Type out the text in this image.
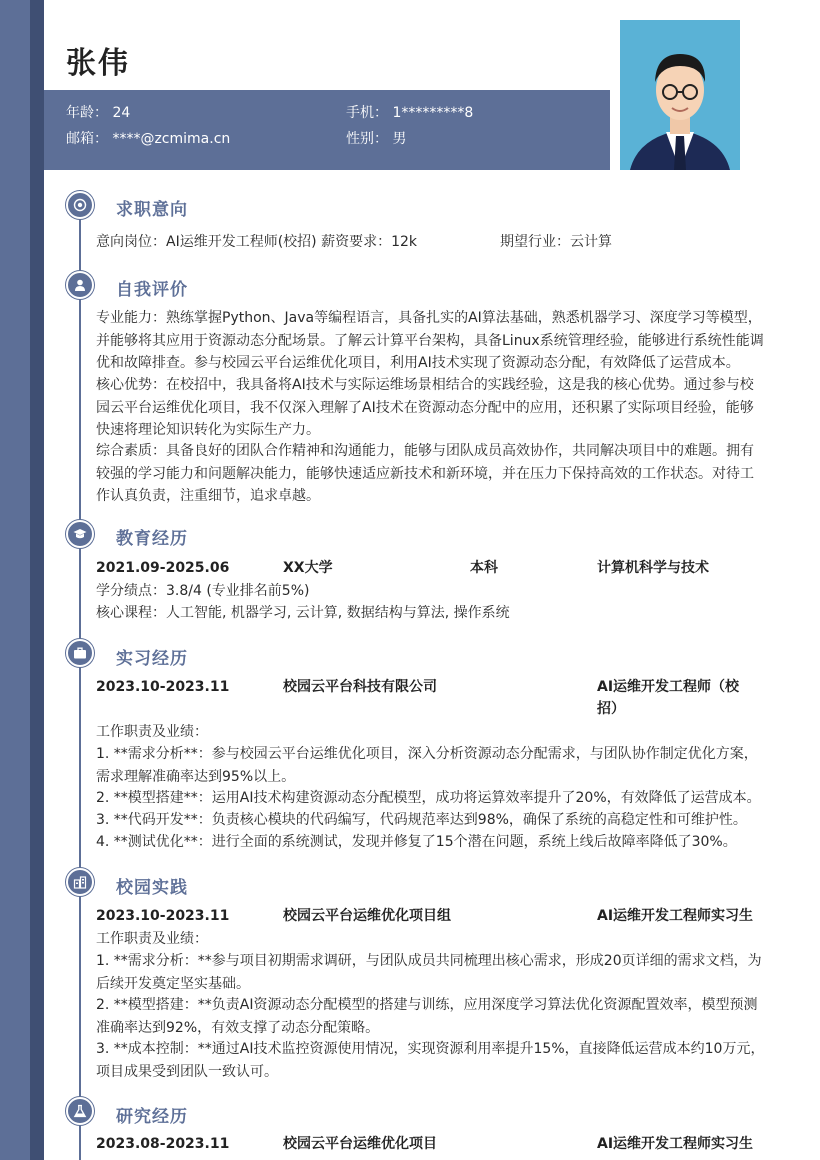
张伟
年龄： 24	手机： 1*********8
邮箱： ****@zcmima.cn	性别： 男
求职意向
意向岗位：AI运维开发工程师(校招) 薪资要求：12k	期望行业：云计算
自我评价
专业能力：熟练掌握Python、Java等编程语言，具备扎实的AI算法基础，熟悉机器学习、深度学习等模型，并能够将其应用于资源动态分配场景。了解云计算平台架构，具备Linux系统管理经验，能够进行系统性能调优和故障排查。参与校园云平台运维优化项目，利用AI技术实现了资源动态分配，有效降低了运营成本。
核心优势：在校招中，我具备将AI技术与实际运维场景相结合的实践经验，这是我的核心优势。通过参与校园云平台运维优化项目，我不仅深入理解了AI技术在资源动态分配中的应用，还积累了实际项目经验，能够快速将理论知识转化为实际生产力。
综合素质：具备良好的团队合作精神和沟通能力，能够与团队成员高效协作，共同解决项目中的难题。拥有较强的学习能力和问题解决能力，能够快速适应新技术和新环境，并在压力下保持高效的工作状态。对待工作认真负责，注重细节，追求卓越。
教育经历
2021.09-2025.06	XX大学	本科	计算机科学与技术
学分绩点：3.8/4 (专业排名前5%)
核心课程：人工智能, 机器学习, 云计算, 数据结构与算法, 操作系统
实习经历
2023.10-2023.11	校园云平台科技有限公司	AI运维开发工程师（校
招）
工作职责及业绩：
1. **需求分析**：参与校园云平台运维优化项目，深入分析资源动态分配需求，与团队协作制定优化方案，需求理解准确率达到95%以上。
2. **模型搭建**：运用AI技术构建资源动态分配模型，成功将运算效率提升了20%，有效降低了运营成本。
3. **代码开发**：负责核心模块的代码编写，代码规范率达到98%，确保了系统的高稳定性和可维护性。
4. **测试优化**：进行全面的系统测试，发现并修复了15个潜在问题，系统上线后故障率降低了30%。
校园实践
2023.10-2023.11	校园云平台运维优化项目组	AI运维开发工程师实习生
工作职责及业绩：
1. **需求分析：**参与项目初期需求调研，与团队成员共同梳理出核心需求，形成20页详细的需求文档，为后续开发奠定坚实基础。
2. **模型搭建：**负责AI资源动态分配模型的搭建与训练，应用深度学习算法优化资源配置效率，模型预测准确率达到92%，有效支撑了动态分配策略。
3. **成本控制：**通过AI技术监控资源使用情况，实现资源利用率提升15%，直接降低运营成本约10万元，项目成果受到团队一致认可。
研究经历
2023.08-2023.11	校园云平台运维优化项目	AI运维开发工程师实习生
